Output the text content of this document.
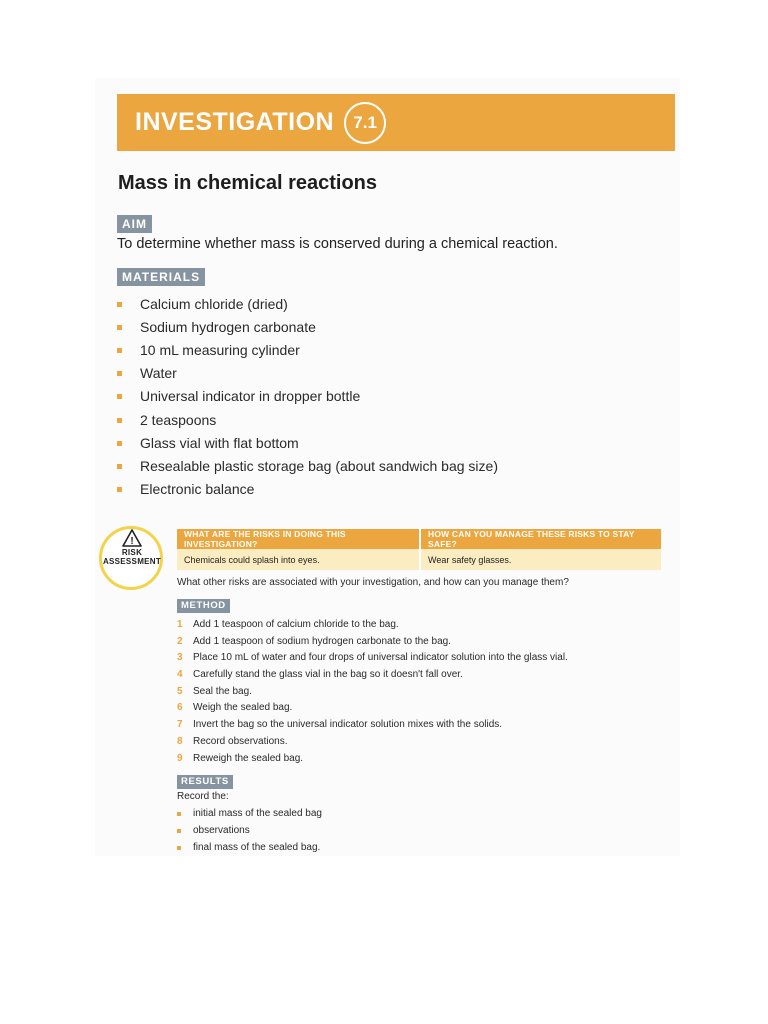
INVESTIGATION	7.1
Mass in chemical reactions
AIM
To determine whether mass is conserved during a chemical reaction.
MATERIALS
Calcium chloride (dried)
Sodium hydrogen carbonate
10 mL measuring cylinder
Water
Universal indicator in dropper bottle
2 teaspoons
Glass vial with flat bottom
Resealable plastic storage bag (about sandwich bag size)
Electronic balance
!
RISK
ASSESSMENT
WHAT ARE THE RISKS IN DOING THIS INVESTIGATION?	HOW CAN YOU MANAGE THESE RISKS TO STAY SAFE?
Chemicals could splash into eyes.	Wear safety glasses.
What other risks are associated with your investigation, and how can you manage them?
METHOD
1 Add 1 teaspoon of calcium chloride to the bag.
2 Add 1 teaspoon of sodium hydrogen carbonate to the bag.
3 Place 10 mL of water and four drops of universal indicator solution into the glass vial.
4 Carefully stand the glass vial in the bag so it doesn't fall over.
5 Seal the bag.
6 Weigh the sealed bag.
7 Invert the bag so the universal indicator solution mixes with the solids.
8 Record observations.
9 Reweigh the sealed bag.
RESULTS
Record the:
initial mass of the sealed bag
observations
final mass of the sealed bag.
